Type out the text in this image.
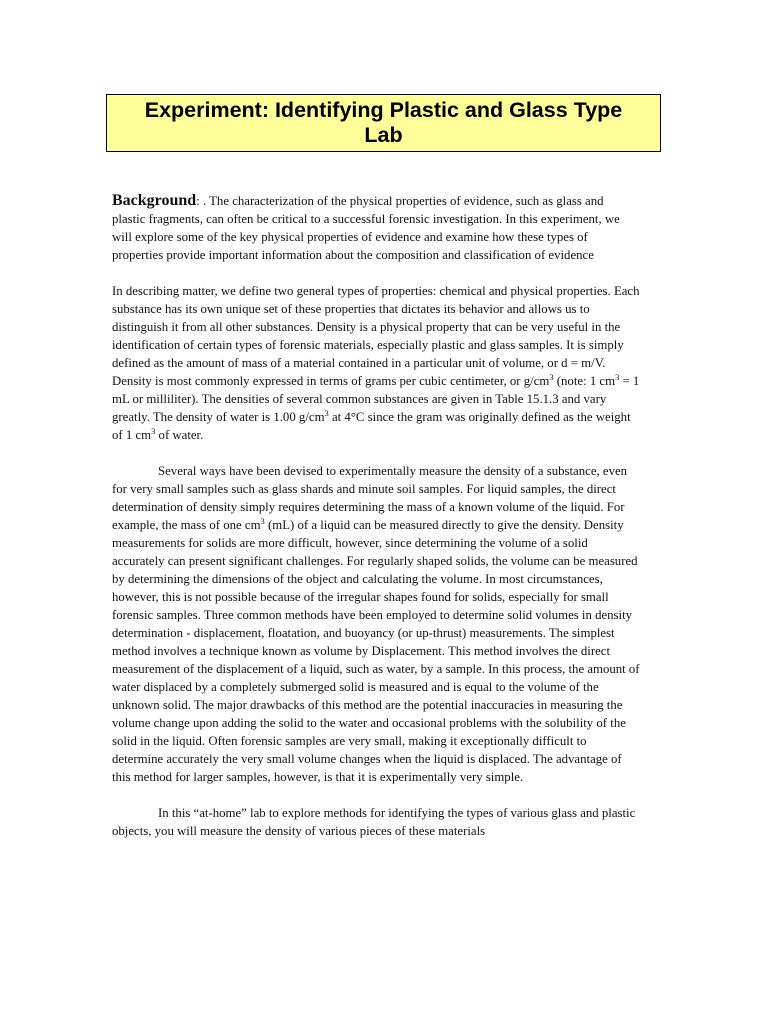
Experiment: Identifying Plastic and Glass Type
Lab

Background: . The characterization of the physical properties of evidence, such as glass and plastic fragments, can often be critical to a successful forensic investigation. In this experiment, we will explore some of the key physical properties of evidence and examine how these types of properties provide important information about the composition and classification of evidence

In describing matter, we define two general types of properties: chemical and physical properties. Each substance has its own unique set of these properties that dictates its behavior and allows us to distinguish it from all other substances. Density is a physical property that can be very useful in the identification of certain types of forensic materials, especially plastic and glass samples. It is simply defined as the amount of mass of a material contained in a particular unit of volume, or d = m/V. Density is most commonly expressed in terms of grams per cubic centimeter, or $g/cm^3$ (note: 1 $cm^3 = 1$ mL or milliliter). The densities of several common substances are given in Table 15.1.3 and vary greatly. The density of water is 1.00 $g/cm^3$ at 4°C since the gram was originally defined as the weight of 1 $cm^3$ of water.

Several ways have been devised to experimentally measure the density of a substance, even for very small samples such as glass shards and minute soil samples. For liquid samples, the direct determination of density simply requires determining the mass of a known volume of the liquid. For example, the mass of one $cm^3$ (mL) of a liquid can be measured directly to give the density. Density measurements for solids are more difficult, however, since determining the volume of a solid accurately can present significant challenges. For regularly shaped solids, the volume can be measured by determining the dimensions of the object and calculating the volume. In most circumstances, however, this is not possible because of the irregular shapes found for solids, especially for small forensic samples. Three common methods have been employed to determine solid volumes in density determination - displacement, floatation, and buoyancy (or up-thrust) measurements. The simplest method involves a technique known as volume by Displacement. This method involves the direct measurement of the displacement of a liquid, such as water, by a sample. In this process, the amount of water displaced by a completely submerged solid is measured and is equal to the volume of the unknown solid. The major drawbacks of this method are the potential inaccuracies in measuring the volume change upon adding the solid to the water and occasional problems with the solubility of the solid in the liquid. Often forensic samples are very small, making it exceptionally difficult to determine accurately the very small volume changes when the liquid is displaced. The advantage of this method for larger samples, however, is that it is experimentally very simple.

In this “at-home” lab to explore methods for identifying the types of various glass and plastic objects, you will measure the density of various pieces of these materials
